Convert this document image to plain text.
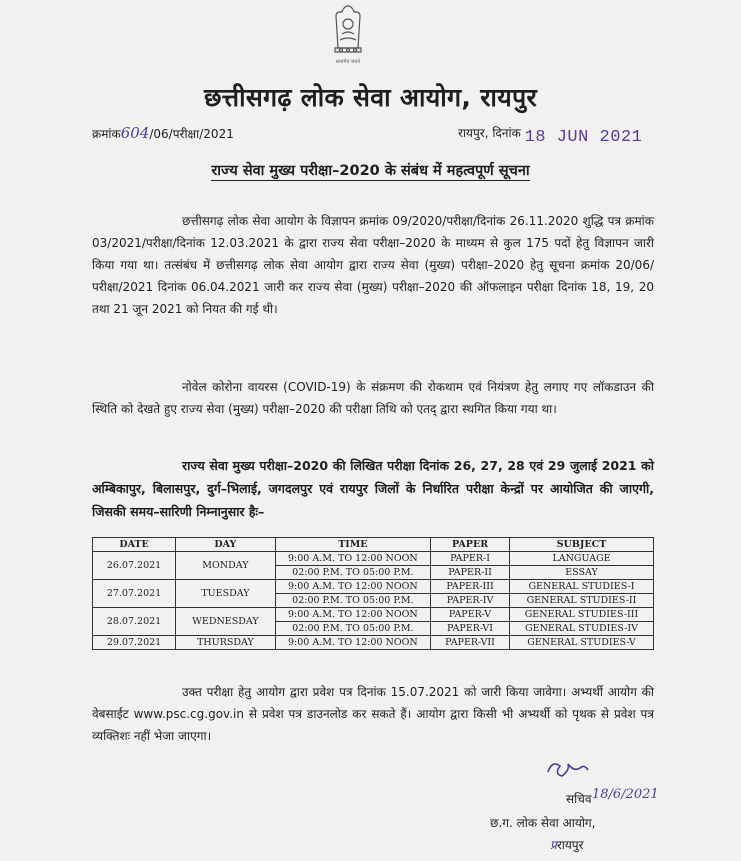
सत्यमेव जयते
छत्तीसगढ़ लोक सेवा आयोग, रायपुर
क्रमांक604/06/परीक्षा/2021	रायपुर, दिनांक 18 JUN 2021
राज्य सेवा मुख्य परीक्षा–2020 के संबंध में महत्वपूर्ण सूचना
छत्तीसगढ़ लोक सेवा आयोग के विज्ञापन क्रमांक 09/2020/परीक्षा/दिनांक 26.11.2020 शुद्धि पत्र क्रमांक 03/2021/परीक्षा/दिनांक 12.03.2021 के द्वारा राज्य सेवा परीक्षा–2020 के माध्यम से कुल 175 पदों हेतु विज्ञापन जारी किया गया था। तत्संबंध में छत्तीसगढ़ लोक सेवा आयोग द्वारा राज्य सेवा (मुख्य) परीक्षा–2020 हेतु सूचना क्रमांक 20/06/परीक्षा/2021 दिनांक 06.04.2021 जारी कर राज्य सेवा (मुख्य) परीक्षा–2020 की ऑफलाइन परीक्षा दिनांक 18, 19, 20 तथा 21 जून 2021 को नियत की गई थी।
नोवेल कोरोना वायरस (COVID-19) के संक्रमण की रोकथाम एवं नियंत्रण हेतु लगाए गए लॉकडाउन की स्थिति को देखते हुए राज्य सेवा (मुख्य) परीक्षा–2020 की परीक्षा तिथि को एतद् द्वारा स्थगित किया गया था।
राज्य सेवा मुख्य परीक्षा–2020 की लिखित परीक्षा दिनांक 26, 27, 28 एवं 29 जुलाई 2021 को अम्बिकापुर, बिलासपुर, दुर्ग–भिलाई, जगदलपुर एवं रायपुर जिलों के निर्धारित परीक्षा केन्द्रों पर आयोजित की जाएगी, जिसकी समय–सारिणी निम्नानुसार हैः–
DATE	DAY	TIME	PAPER	SUBJECT
26.07.2021	MONDAY	9:00 A.M. TO 12:00 NOON	PAPER-I	LANGUAGE
		02:00 P.M. TO 05:00 P.M.	PAPER-II	ESSAY
27.07.2021	TUESDAY	9:00 A.M. TO 12:00 NOON	PAPER-III	GENERAL STUDIES-I
		02:00 P.M. TO 05:00 P.M.	PAPER-IV	GENERAL STUDIES-II
28.07.2021	WEDNESDAY	9:00 A.M. TO 12:00 NOON	PAPER-V	GENERAL STUDIES-III
		02:00 P.M. TO 05:00 P.M.	PAPER-VI	GENERAL STUDIES-IV
29.07.2021	THURSDAY	9:00 A.M. TO 12:00 NOON	PAPER-VII	GENERAL STUDIES-V
उक्त परीक्षा हेतु आयोग द्वारा प्रवेश पत्र दिनांक 15.07.2021 को जारी किया जावेगा। अभ्यर्थी आयोग की वेबसाईट www.psc.cg.gov.in से प्रवेश पत्र डाउनलोड कर सकते हैं। आयोग द्वारा किसी भी अभ्यर्थी को पृथक से प्रवेश पत्र व्यक्तिशः नहीं भेजा जाएगा।
18/6/2021
सचिव
छ.ग. लोक सेवा आयोग,
प्ररायपुर
